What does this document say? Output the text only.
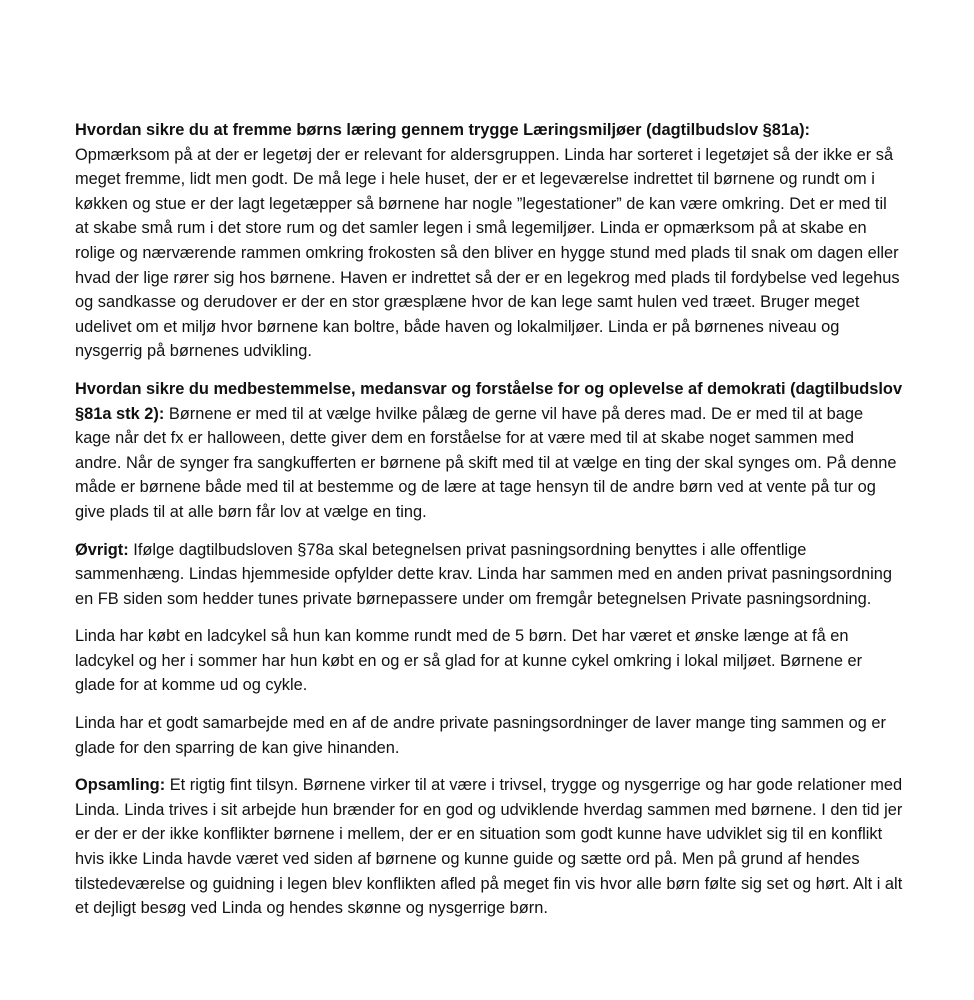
Hvordan sikre du at fremme børns læring gennem trygge Læringsmiljøer (dagtilbudslov §81a):
Opmærksom på at der er legetøj der er relevant for aldersgruppen. Linda har sorteret i legetøjet så der ikke er så meget fremme, lidt men godt. De må lege i hele huset, der er et legeværelse indrettet til børnene og rundt om i køkken og stue er der lagt legetæpper så børnene har nogle ”legestationer” de kan være omkring. Det er med til at skabe små rum i det store rum og det samler legen i små legemiljøer. Linda er opmærksom på at skabe en rolige og nærværende rammen omkring frokosten så den bliver en hygge stund med plads til snak om dagen eller hvad der lige rører sig hos børnene. Haven er indrettet så der er en legekrog med plads til fordybelse ved legehus og sandkasse og derudover er der en stor græsplæne hvor de kan lege samt hulen ved træet. Bruger meget udelivet om et miljø hvor børnene kan boltre, både haven og lokalmiljøer. Linda er på børnenes niveau og nysgerrig på børnenes udvikling.

Hvordan sikre du medbestemmelse, medansvar og forståelse for og oplevelse af demokrati (dagtilbudslov §81a stk 2): Børnene er med til at vælge hvilke pålæg de gerne vil have på deres mad. De er med til at bage kage når det fx er halloween, dette giver dem en forståelse for at være med til at skabe noget sammen med andre. Når de synger fra sangkufferten er børnene på skift med til at vælge en ting der skal synges om. På denne måde er børnene både med til at bestemme og de lære at tage hensyn til de andre børn ved at vente på tur og give plads til at alle børn får lov at vælge en ting.

Øvrigt: Ifølge dagtilbudsloven §78a skal betegnelsen privat pasningsordning benyttes i alle offentlige sammenhæng. Lindas hjemmeside opfylder dette krav. Linda har sammen med en anden privat pasningsordning en FB siden som hedder tunes private børnepassere under om fremgår betegnelsen Private pasningsordning.

Linda har købt en ladcykel så hun kan komme rundt med de 5 børn. Det har været et ønske længe at få en ladcykel og her i sommer har hun købt en og er så glad for at kunne cykel omkring i lokal miljøet. Børnene er glade for at komme ud og cykle.

Linda har et godt samarbejde med en af de andre private pasningsordninger de laver mange ting sammen og er glade for den sparring de kan give hinanden.

Opsamling: Et rigtig fint tilsyn. Børnene virker til at være i trivsel, trygge og nysgerrige og har gode relationer med Linda. Linda trives i sit arbejde hun brænder for en god og udviklende hverdag sammen med børnene. I den tid jer er der er der ikke konflikter børnene i mellem, der er en situation som godt kunne have udviklet sig til en konflikt hvis ikke Linda havde været ved siden af børnene og kunne guide og sætte ord på. Men på grund af hendes tilstedeværelse og guidning i legen blev konflikten afled på meget fin vis hvor alle børn følte sig set og hørt. Alt i alt et dejligt besøg ved Linda og hendes skønne og nysgerrige børn.
